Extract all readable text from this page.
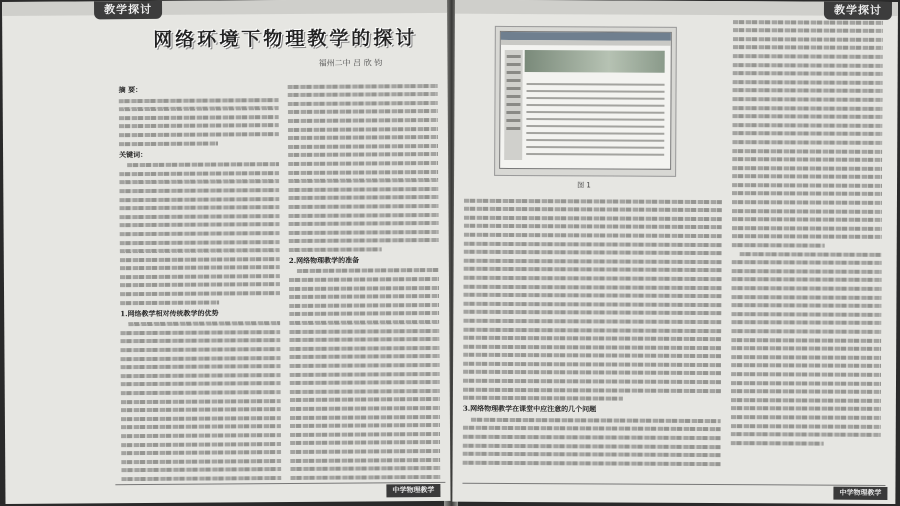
教学探讨
网络环境下物理教学的探讨
福州二中 吕 欣 钧
摘 要：
关键词：
1.网络教学相对传统教学的优势
2.网络物理教学的准备
中学物理教学
教学探讨
图 1
3.网络物理教学在课堂中应注意的几个问题
中学物理教学
